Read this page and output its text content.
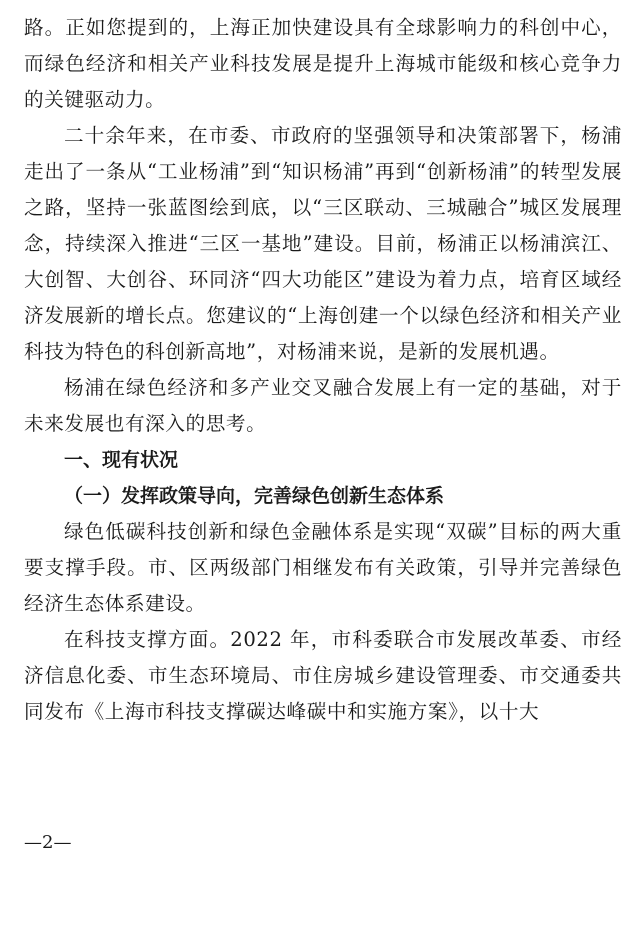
路。正如您提到的，上海正加快建设具有全球影响力的科创中心，而绿色经济和相关产业科技发展是提升上海城市能级和核心竞争力的关键驱动力。

二十余年来，在市委、市政府的坚强领导和决策部署下，杨浦走出了一条从“工业杨浦”到“知识杨浦”再到“创新杨浦”的转型发展之路，坚持一张蓝图绘到底，以“三区联动、三城融合”城区发展理念，持续深入推进“三区一基地”建设。目前，杨浦正以杨浦滨江、大创智、大创谷、环同济“四大功能区”建设为着力点，培育区域经济发展新的增长点。您建议的“上海创建一个以绿色经济和相关产业科技为特色的科创新高地”，对杨浦来说，是新的发展机遇。

杨浦在绿色经济和多产业交叉融合发展上有一定的基础，对于未来发展也有深入的思考。

一、现有状况

（一）发挥政策导向，完善绿色创新生态体系

绿色低碳科技创新和绿色金融体系是实现“双碳”目标的两大重要支撑手段。市、区两级部门相继发布有关政策，引导并完善绿色经济生态体系建设。

在科技支撑方面。2022 年，市科委联合市发展改革委、市经济信息化委、市生态环境局、市住房城乡建设管理委、市交通委共同发布《上海市科技支撑碳达峰碳中和实施方案》，以十大

—2—
